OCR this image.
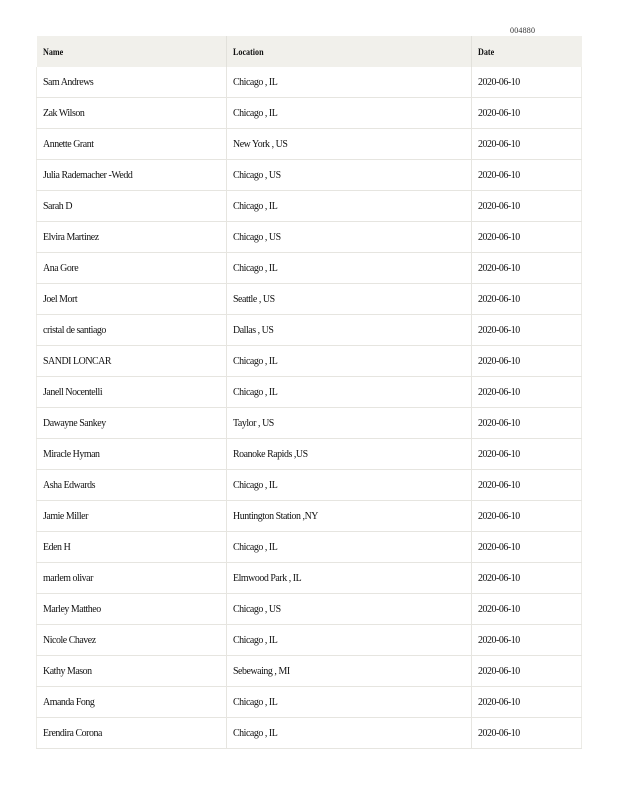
004880
Name	Location	Date
Sam Andrews	Chicago , IL	2020-06-10
Zak Wilson	Chicago , IL	2020-06-10
Annette Grant	New York , US	2020-06-10
Julia Rademacher -Wedd	Chicago , US	2020-06-10
Sarah D	Chicago , IL	2020-06-10
Elvira Martinez	Chicago , US	2020-06-10
Ana Gore	Chicago , IL	2020-06-10
Joel Mort	Seattle , US	2020-06-10
cristal de santiago	Dallas , US	2020-06-10
SANDI LONCAR	Chicago , IL	2020-06-10
Janell Nocentelli	Chicago , IL	2020-06-10
Dawayne Sankey	Taylor , US	2020-06-10
Miracle Hyman	Roanoke Rapids ,US	2020-06-10
Asha Edwards	Chicago , IL	2020-06-10
Jamie Miller	Huntington Station ,NY	2020-06-10
Eden H	Chicago , IL	2020-06-10
marlem olivar	Elmwood Park , IL	2020-06-10
Marley Mattheo	Chicago , US	2020-06-10
Nicole Chavez	Chicago , IL	2020-06-10
Kathy Mason	Sebewaing , MI	2020-06-10
Amanda Fong	Chicago , IL	2020-06-10
Erendira Corona	Chicago , IL	2020-06-10
